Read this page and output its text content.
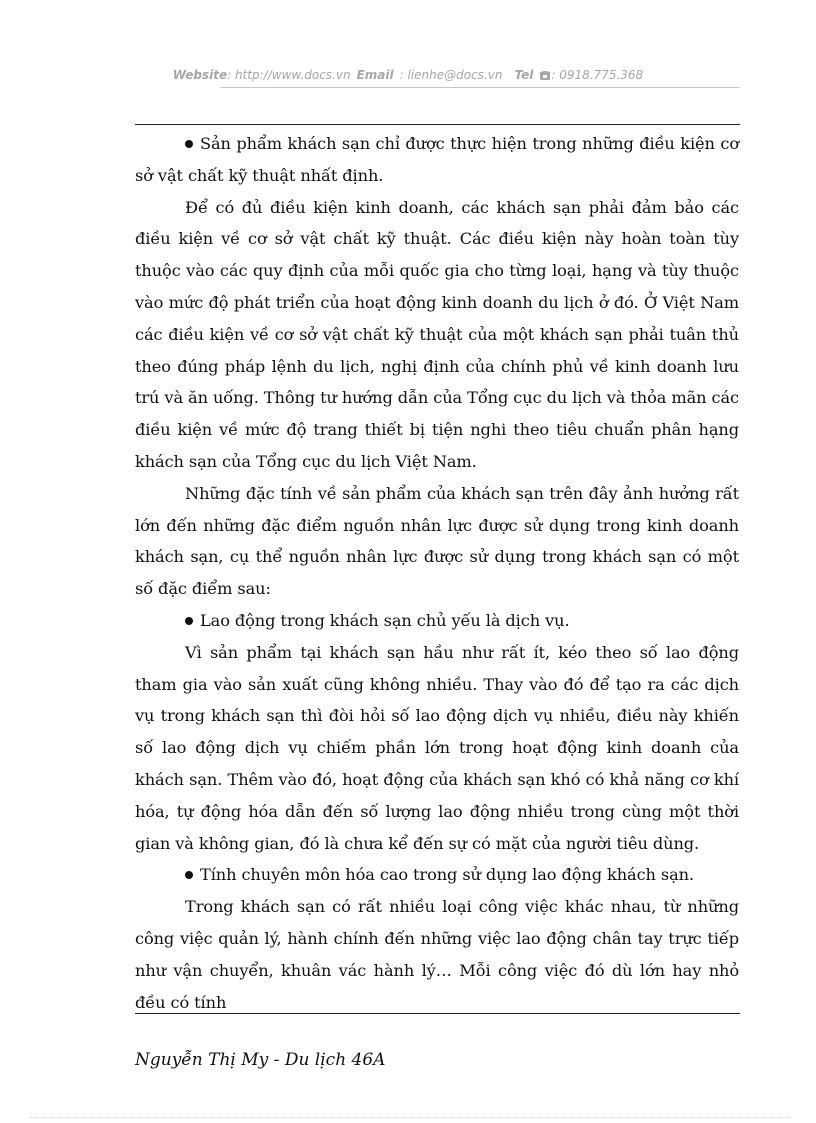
Website: http://www.docs.vn Email : lienhe@docs.vn Tel : 0918.775.368

Sản phẩm khách sạn chỉ được thực hiện trong những điều kiện cơ sở vật chất kỹ thuật nhất định.

Để có đủ điều kiện kinh doanh, các khách sạn phải đảm bảo các điều kiện về cơ sở vật chất kỹ thuật. Các điều kiện này hoàn toàn tùy thuộc vào các quy định của mỗi quốc gia cho từng loại, hạng và tùy thuộc vào mức độ phát triển của hoạt động kinh doanh du lịch ở đó. Ở Việt Nam các điều kiện về cơ sở vật chất kỹ thuật của một khách sạn phải tuân thủ theo đúng pháp lệnh du lịch, nghị định của chính phủ về kinh doanh lưu trú và ăn uống. Thông tư hướng dẫn của Tổng cục du lịch và thỏa mãn các điều kiện về mức độ trang thiết bị tiện nghi theo tiêu chuẩn phân hạng khách sạn của Tổng cục du lịch Việt Nam.

Những đặc tính về sản phẩm của khách sạn trên đây ảnh hưởng rất lớn đến những đặc điểm nguồn nhân lực được sử dụng trong kinh doanh khách sạn, cụ thể nguồn nhân lực được sử dụng trong khách sạn có một số đặc điểm sau:

Lao động trong khách sạn chủ yếu là dịch vụ.

Vì sản phẩm tại khách sạn hầu như rất ít, kéo theo số lao động tham gia vào sản xuất cũng không nhiều. Thay vào đó để tạo ra các dịch vụ trong khách sạn thì đòi hỏi số lao động dịch vụ nhiều, điều này khiến số lao động dịch vụ chiếm phần lớn trong hoạt động kinh doanh của khách sạn. Thêm vào đó, hoạt động của khách sạn khó có khả năng cơ khí hóa, tự động hóa dẫn đến số lượng lao động nhiều trong cùng một thời gian và không gian, đó là chưa kể đến sự có mặt của người tiêu dùng.

Tính chuyên môn hóa cao trong sử dụng lao động khách sạn.

Trong khách sạn có rất nhiều loại công việc khác nhau, từ những công việc quản lý, hành chính đến những việc lao động chân tay trực tiếp như vận chuyển, khuân vác hành lý… Mỗi công việc đó dù lớn hay nhỏ đều có tính

Nguyễn Thị My - Du lịch 46A
